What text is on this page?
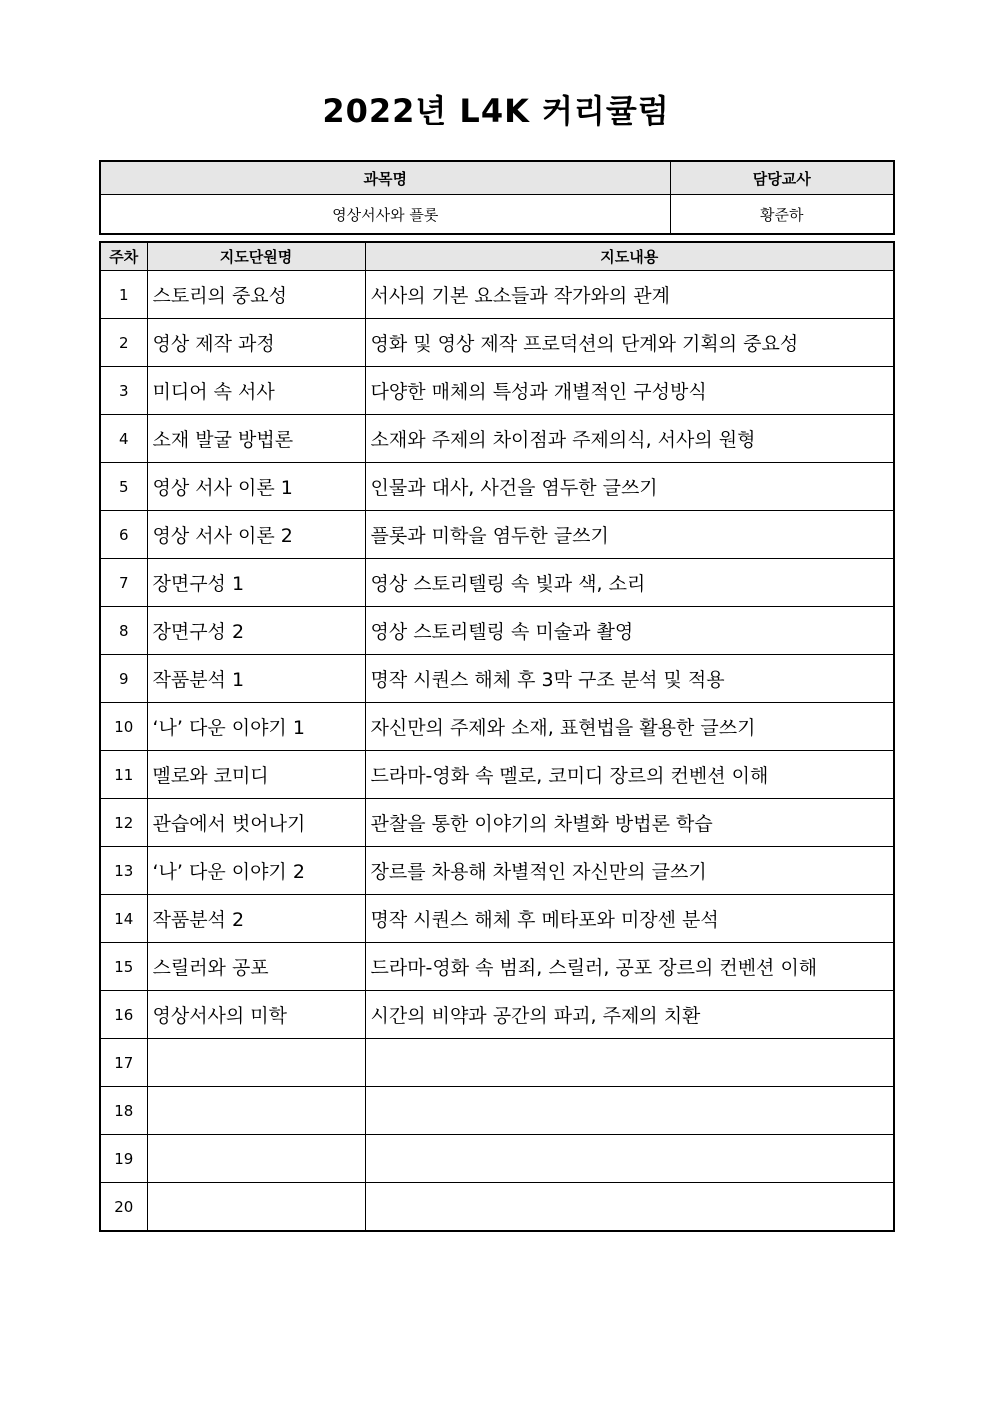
2022년 L4K 커리큘럼
과목명	담당교사
영상서사와 플롯	황준하
주차	지도단원명	지도내용
1	스토리의 중요성	서사의 기본 요소들과 작가와의 관계
2	영상 제작 과정	영화 및 영상 제작 프로덕션의 단계와 기획의 중요성
3	미디어 속 서사	다양한 매체의 특성과 개별적인 구성방식
4	소재 발굴 방법론	소재와 주제의 차이점과 주제의식, 서사의 원형
5	영상 서사 이론 1	인물과 대사, 사건을 염두한 글쓰기
6	영상 서사 이론 2	플롯과 미학을 염두한 글쓰기
7	장면구성 1	영상 스토리텔링 속 빛과 색, 소리
8	장면구성 2	영상 스토리텔링 속 미술과 촬영
9	작품분석 1	명작 시퀀스 해체 후 3막 구조 분석 및 적용
10	‘나’ 다운 이야기 1	자신만의 주제와 소재, 표현법을 활용한 글쓰기
11	멜로와 코미디	드라마-영화 속 멜로, 코미디 장르의 컨벤션 이해
12	관습에서 벗어나기	관찰을 통한 이야기의 차별화 방법론 학습
13	‘나’ 다운 이야기 2	장르를 차용해 차별적인 자신만의 글쓰기
14	작품분석 2	명작 시퀀스 해체 후 메타포와 미장센 분석
15	스릴러와 공포	드라마-영화 속 범죄, 스릴러, 공포 장르의 컨벤션 이해
16	영상서사의 미학	시간의 비약과 공간의 파괴, 주제의 치환
17		
18		
19		
20		
